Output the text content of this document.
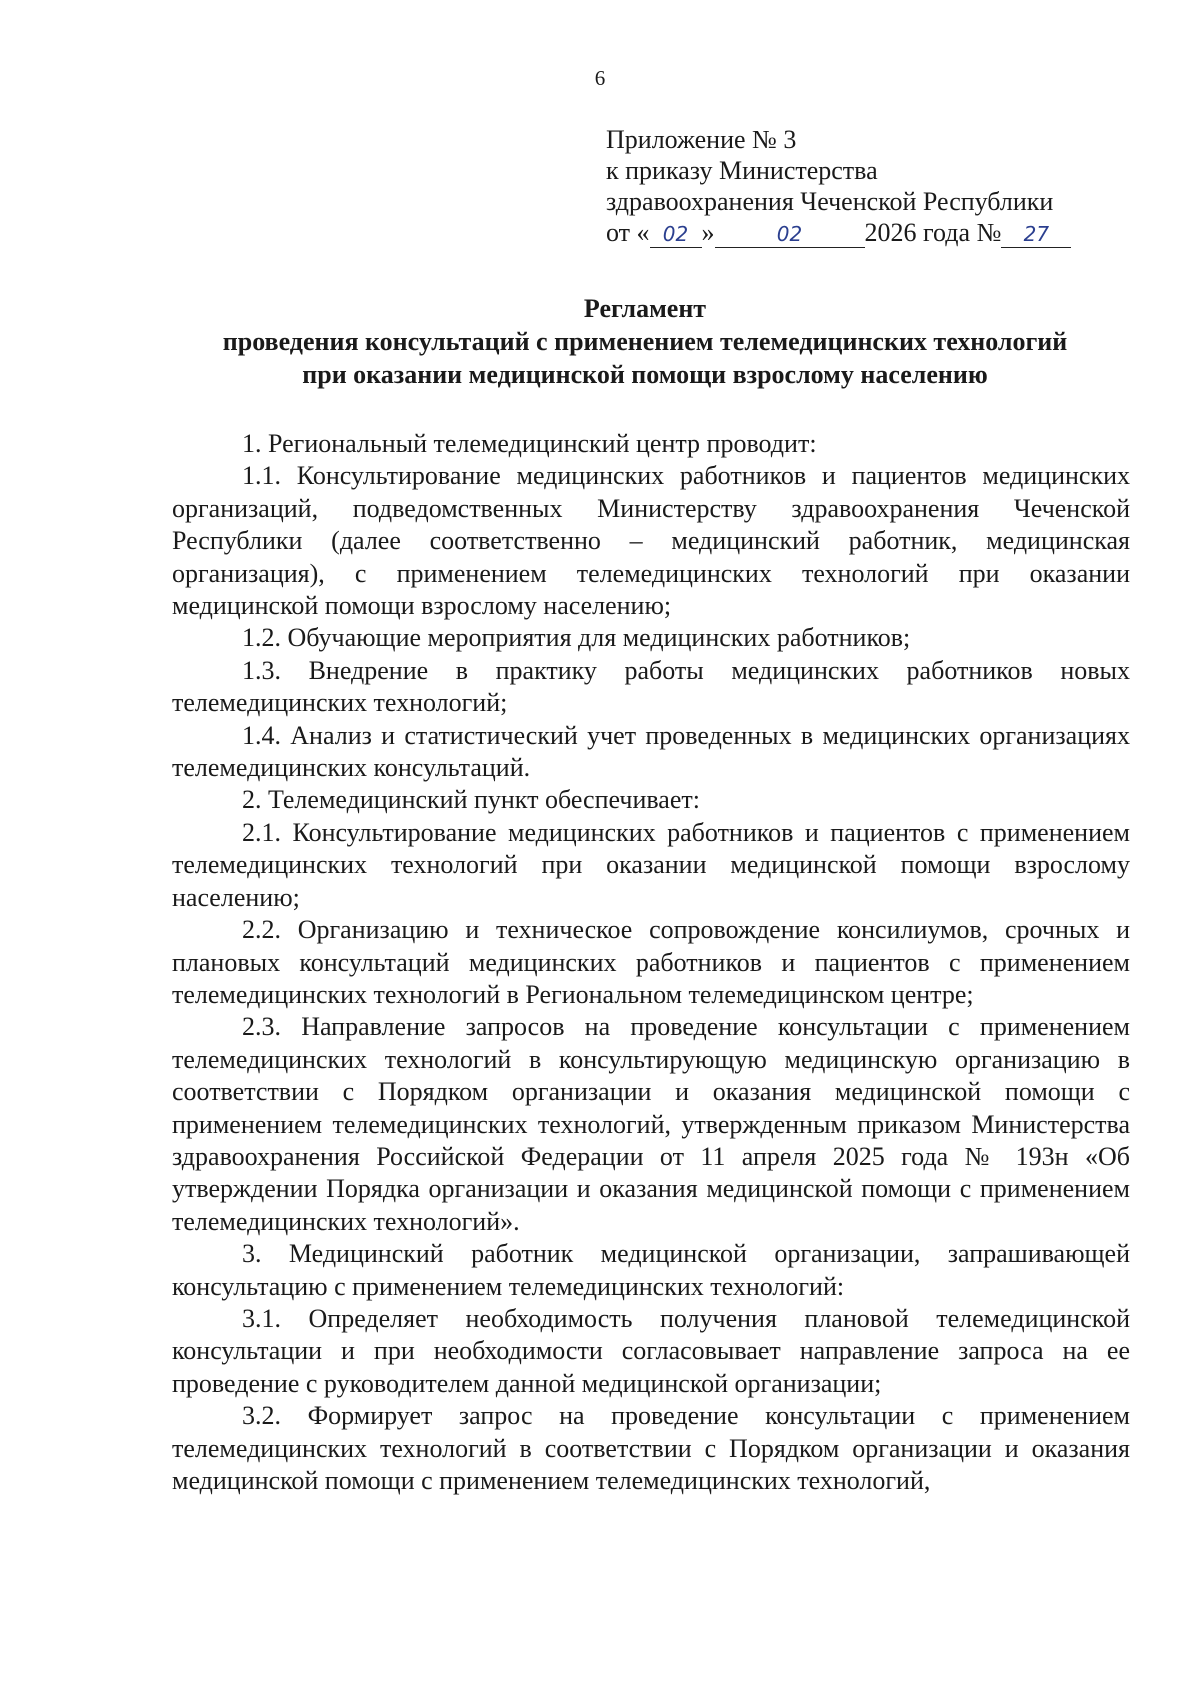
6
Приложение № 3
к приказу Министерства
здравоохранения Чеченской Республики
от « 02 »	02 2026 года № 27
Регламент
проведения консультаций с применением телемедицинских технологий
при оказании медицинской помощи взрослому населению

1. Региональный телемедицинский центр проводит:

1.1. Консультирование медицинских работников и пациентов медицинских организаций, подведомственных Министерству здравоохранения Чеченской Республики (далее соответственно – медицинский работник, медицинская организация), с применением телемедицинских технологий при оказании медицинской помощи взрослому населению;

1.2. Обучающие мероприятия для медицинских работников;

1.3. Внедрение в практику работы медицинских работников новых телемедицинских технологий;

1.4. Анализ и статистический учет проведенных в медицинских организациях телемедицинских консультаций.

2. Телемедицинский пункт обеспечивает:

2.1. Консультирование медицинских работников и пациентов с применением телемедицинских технологий при оказании медицинской помощи взрослому населению;

2.2. Организацию и техническое сопровождение консилиумов, срочных и плановых консультаций медицинских работников и пациентов с применением телемедицинских технологий в Региональном телемедицинском центре;

2.3. Направление запросов на проведение консультации с применением телемедицинских технологий в консультирующую медицинскую организацию в соответствии с Порядком организации и оказания медицинской помощи с применением телемедицинских технологий, утвержденным приказом Министерства здравоохранения Российской Федерации от 11 апреля 2025 года № 193н «Об утверждении Порядка организации и оказания медицинской помощи с применением телемедицинских технологий».

3. Медицинский работник медицинской организации, запрашивающей консультацию с применением телемедицинских технологий:

3.1. Определяет необходимость получения плановой телемедицинской консультации и при необходимости согласовывает направление запроса на ее проведение с руководителем данной медицинской организации;

3.2. Формирует запрос на проведение консультации с применением телемедицинских технологий в соответствии с Порядком организации и оказания медицинской помощи с применением телемедицинских технологий,
